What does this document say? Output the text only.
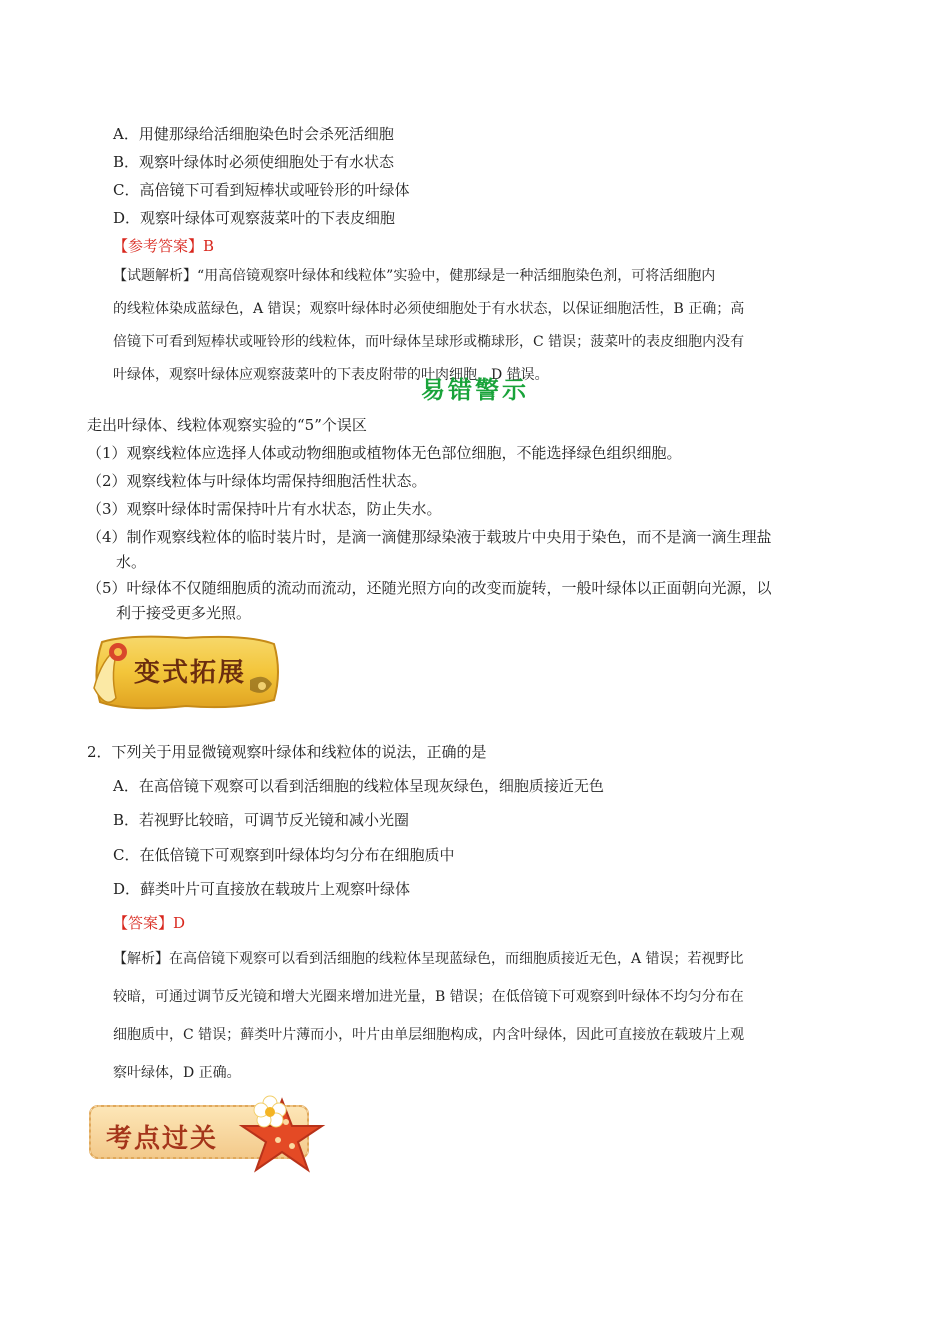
A．用健那绿给活细胞染色时会杀死活细胞
B．观察叶绿体时必须使细胞处于有水状态
C．高倍镜下可看到短棒状或哑铃形的叶绿体
D．观察叶绿体可观察菠菜叶的下表皮细胞
【参考答案】B
【试题解析】“用高倍镜观察叶绿体和线粒体”实验中，健那绿是一种活细胞染色剂，可将活细胞内
的线粒体染成蓝绿色，A 错误；观察叶绿体时必须使细胞处于有水状态，以保证细胞活性，B 正确；高
倍镜下可看到短棒状或哑铃形的线粒体，而叶绿体呈球形或椭球形，C 错误；菠菜叶的表皮细胞内没有
叶绿体，观察叶绿体应观察菠菜叶的下表皮附带的叶肉细胞，D 错误。
易错警示
走出叶绿体、线粒体观察实验的“5”个误区
（1）观察线粒体应选择人体或动物细胞或植物体无色部位细胞，不能选择绿色组织细胞。
（2）观察线粒体与叶绿体均需保持细胞活性状态。
（3）观察叶绿体时需保持叶片有水状态，防止失水。
（4）制作观察线粒体的临时装片时，是滴一滴健那绿染液于载玻片中央用于染色，而不是滴一滴生理盐
水。
（5）叶绿体不仅随细胞质的流动而流动，还随光照方向的改变而旋转，一般叶绿体以正面朝向光源，以
利于接受更多光照。
变式拓展
2．下列关于用显微镜观察叶绿体和线粒体的说法，正确的是
A．在高倍镜下观察可以看到活细胞的线粒体呈现灰绿色，细胞质接近无色
B．若视野比较暗，可调节反光镜和减小光圈
C．在低倍镜下可观察到叶绿体均匀分布在细胞质中
D．藓类叶片可直接放在载玻片上观察叶绿体
【答案】D
【解析】在高倍镜下观察可以看到活细胞的线粒体呈现蓝绿色，而细胞质接近无色，A 错误；若视野比
较暗，可通过调节反光镜和增大光圈来增加进光量，B 错误；在低倍镜下可观察到叶绿体不均匀分布在
细胞质中，C 错误；藓类叶片薄而小，叶片由单层细胞构成，内含叶绿体，因此可直接放在载玻片上观
察叶绿体，D 正确。
考点过关
